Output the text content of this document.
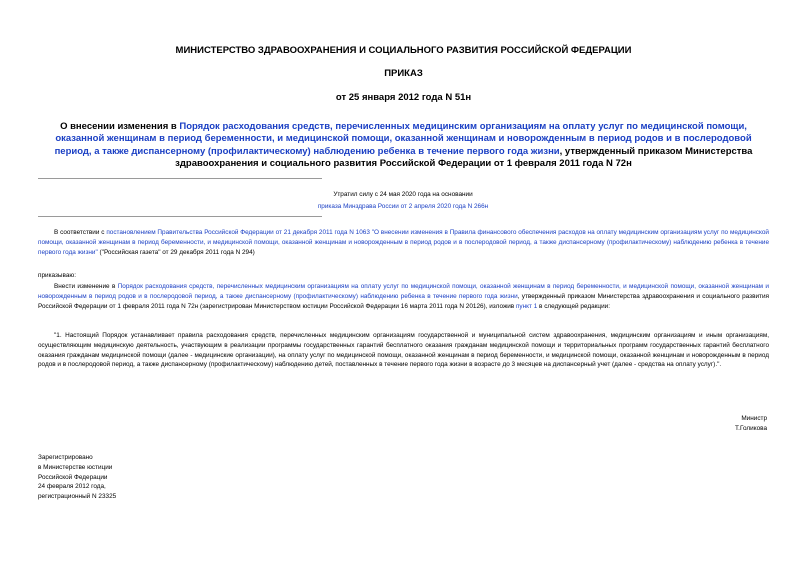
МИНИСТЕРСТВО ЗДРАВООХРАНЕНИЯ И СОЦИАЛЬНОГО РАЗВИТИЯ РОССИЙСКОЙ ФЕДЕРАЦИИ
ПРИКАЗ
от 25 января 2012 года N 51н
О внесении изменения в Порядок расходования средств, перечисленных медицинским организациям на оплату услуг по медицинской помощи, оказанной женщинам в период беременности, и медицинской помощи, оказанной женщинам и новорожденным в период родов и в послеродовой период, а также диспансерному (профилактическому) наблюдению ребенка в течение первого года жизни, утвержденный приказом Министерства здравоохранения и социального развития Российской Федерации от 1 февраля 2011 года N 72н
Утратил силу с 24 мая 2020 года на основании
приказа Минздрава России от 2 апреля 2020 года N 266н
В соответствии с постановлением Правительства Российской Федерации от 21 декабря 2011 года N 1063 "О внесении изменения в Правила финансового обеспечения расходов на оплату медицинским организациям услуг по медицинской помощи, оказанной женщинам в период беременности, и медицинской помощи, оказанной женщинам и новорожденным в период родов и в послеродовой период, а также диспансерному (профилактическому) наблюдению ребенка в течение первого года жизни" ("Российская газета" от 29 декабря 2011 года N 294)
приказываю:
Внести изменение в Порядок расходования средств, перечисленных медицинским организациям на оплату услуг по медицинской помощи, оказанной женщинам в период беременности, и медицинской помощи, оказанной женщинам и новорожденным в период родов и в послеродовой период, а также диспансерному (профилактическому) наблюдению ребенка в течение первого года жизни, утвержденный приказом Министерства здравоохранения и социального развития Российской Федерации от 1 февраля 2011 года N 72н (зарегистрирован Министерством юстиции Российской Федерации 16 марта 2011 года N 20126), изложив пункт 1 в следующей редакции:
"1. Настоящий Порядок устанавливает правила расходования средств, перечисленных медицинским организациям государственной и муниципальной систем здравоохранения, медицинским организациям и иным организациям, осуществляющим медицинскую деятельность, участвующим в реализации программы государственных гарантий бесплатного оказания гражданам медицинской помощи и территориальных программ государственных гарантий бесплатного оказания гражданам медицинской помощи (далее - медицинские организации), на оплату услуг по медицинской помощи, оказанной женщинам в период беременности, и медицинской помощи, оказанной женщинам и новорожденным в период родов и в послеродовой период, а также диспансерному (профилактическому) наблюдению детей, поставленных в течение первого года жизни в возрасте до 3 месяцев на диспансерный учет (далее - средства на оплату услуг).".
Министр
Т.Голикова
Зарегистрировано
в Министерстве юстиции
Российской Федерации
24 февраля 2012 года,
регистрационный N 23325
